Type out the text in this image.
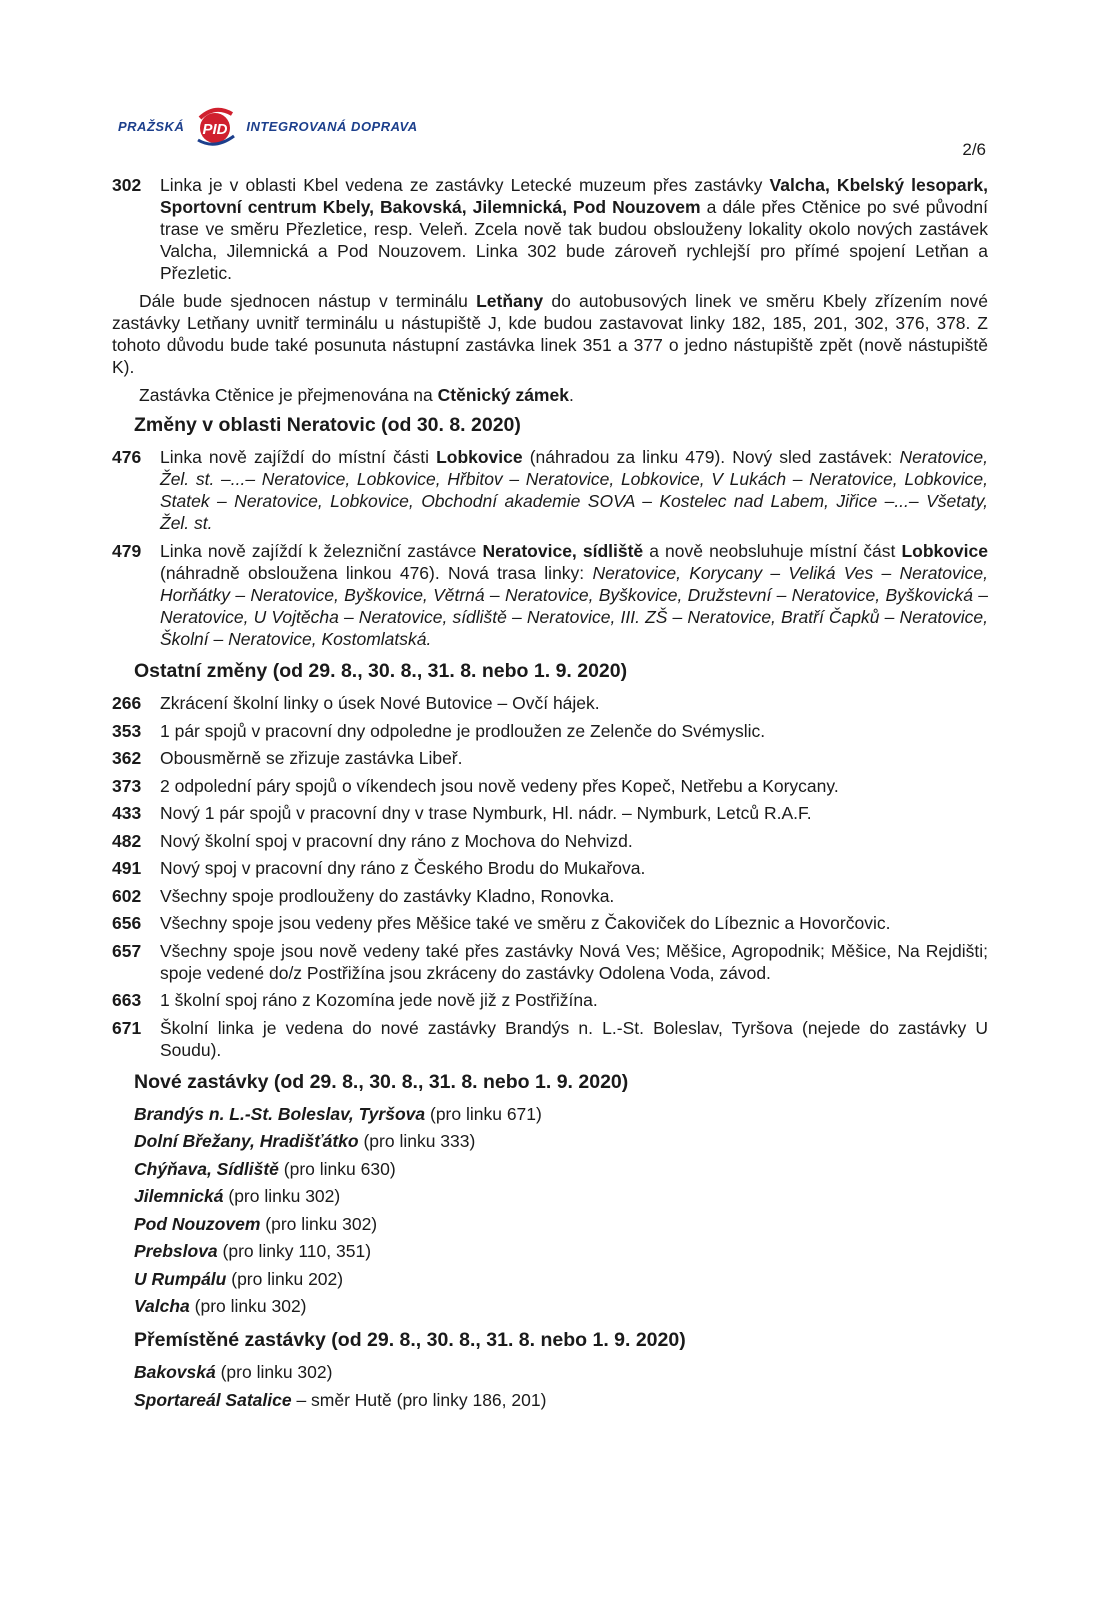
PRAŽSKÁ PID INTEGROVANÁ DOPRAVA
2/6
302	Linka je v oblasti Kbel vedena ze zastávky Letecké muzeum přes zastávky Valcha, Kbelský lesopark, Sportovní centrum Kbely, Bakovská, Jilemnická, Pod Nouzovem a dále přes Ctěnice po své původní trase ve směru Přezletice, resp. Veleň. Zcela nově tak budou obslouženy lokality okolo nových zastávek Valcha, Jilemnická a Pod Nouzovem. Linka 302 bude zároveň rychlejší pro přímé spojení Letňan a Přezletic.
Dále bude sjednocen nástup v terminálu Letňany do autobusových linek ve směru Kbely zřízením nové zastávky Letňany uvnitř terminálu u nástupiště J, kde budou zastavovat linky 182, 185, 201, 302, 376, 378. Z tohoto důvodu bude také posunuta nástupní zastávka linek 351 a 377 o jedno nástupiště zpět (nově nástupiště K).
Zastávka Ctěnice je přejmenována na Ctěnický zámek.
Změny v oblasti Neratovic (od 30. 8. 2020)
476	Linka nově zajíždí do místní části Lobkovice (náhradou za linku 479). Nový sled zastávek: Neratovice, Žel. st. –...– Neratovice, Lobkovice, Hřbitov – Neratovice, Lobkovice, V Lukách – Neratovice, Lobkovice, Statek – Neratovice, Lobkovice, Obchodní akademie SOVA – Kostelec nad Labem, Jiřice –...– Všetaty, Žel. st.
479	Linka nově zajíždí k železniční zastávce Neratovice, sídliště a nově neobsluhuje místní část Lobkovice (náhradně obsloužena linkou 476). Nová trasa linky: Neratovice, Korycany – Veliká Ves – Neratovice, Horňátky – Neratovice, Byškovice, Větrná – Neratovice, Byškovice, Družstevní – Neratovice, Byškovická – Neratovice, U Vojtěcha – Neratovice, sídliště – Neratovice, III. ZŠ – Neratovice, Bratří Čapků – Neratovice, Školní – Neratovice, Kostomlatská.
Ostatní změny (od 29. 8., 30. 8., 31. 8. nebo 1. 9. 2020)
266	Zkrácení školní linky o úsek Nové Butovice – Ovčí hájek.
353	1 pár spojů v pracovní dny odpoledne je prodloužen ze Zelenče do Svémyslic.
362	Obousměrně se zřizuje zastávka Libeř.
373	2 odpolední páry spojů o víkendech jsou nově vedeny přes Kopeč, Netřebu a Korycany.
433	Nový 1 pár spojů v pracovní dny v trase Nymburk, Hl. nádr. – Nymburk, Letců R.A.F.
482	Nový školní spoj v pracovní dny ráno z Mochova do Nehvizd.
491	Nový spoj v pracovní dny ráno z Českého Brodu do Mukařova.
602	Všechny spoje prodlouženy do zastávky Kladno, Ronovka.
656	Všechny spoje jsou vedeny přes Měšice také ve směru z Čakoviček do Líbeznic a Hovorčovic.
657	Všechny spoje jsou nově vedeny také přes zastávky Nová Ves; Měšice, Agropodnik; Měšice, Na Rejdišti; spoje vedené do/z Postřižína jsou zkráceny do zastávky Odolena Voda, závod.
663	1 školní spoj ráno z Kozomína jede nově již z Postřižína.
671	Školní linka je vedena do nové zastávky Brandýs n. L.-St. Boleslav, Tyršova (nejede do zastávky U Soudu).
Nové zastávky (od 29. 8., 30. 8., 31. 8. nebo 1. 9. 2020)
Brandýs n. L.-St. Boleslav, Tyršova (pro linku 671)
Dolní Břežany, Hradišťátko (pro linku 333)
Chýňava, Sídliště (pro linku 630)
Jilemnická (pro linku 302)
Pod Nouzovem (pro linku 302)
Prebslova (pro linky 110, 351)
U Rumpálu (pro linku 202)
Valcha (pro linku 302)
Přemístěné zastávky (od 29. 8., 30. 8., 31. 8. nebo 1. 9. 2020)
Bakovská (pro linku 302)
Sportareál Satalice – směr Hutě (pro linky 186, 201)
